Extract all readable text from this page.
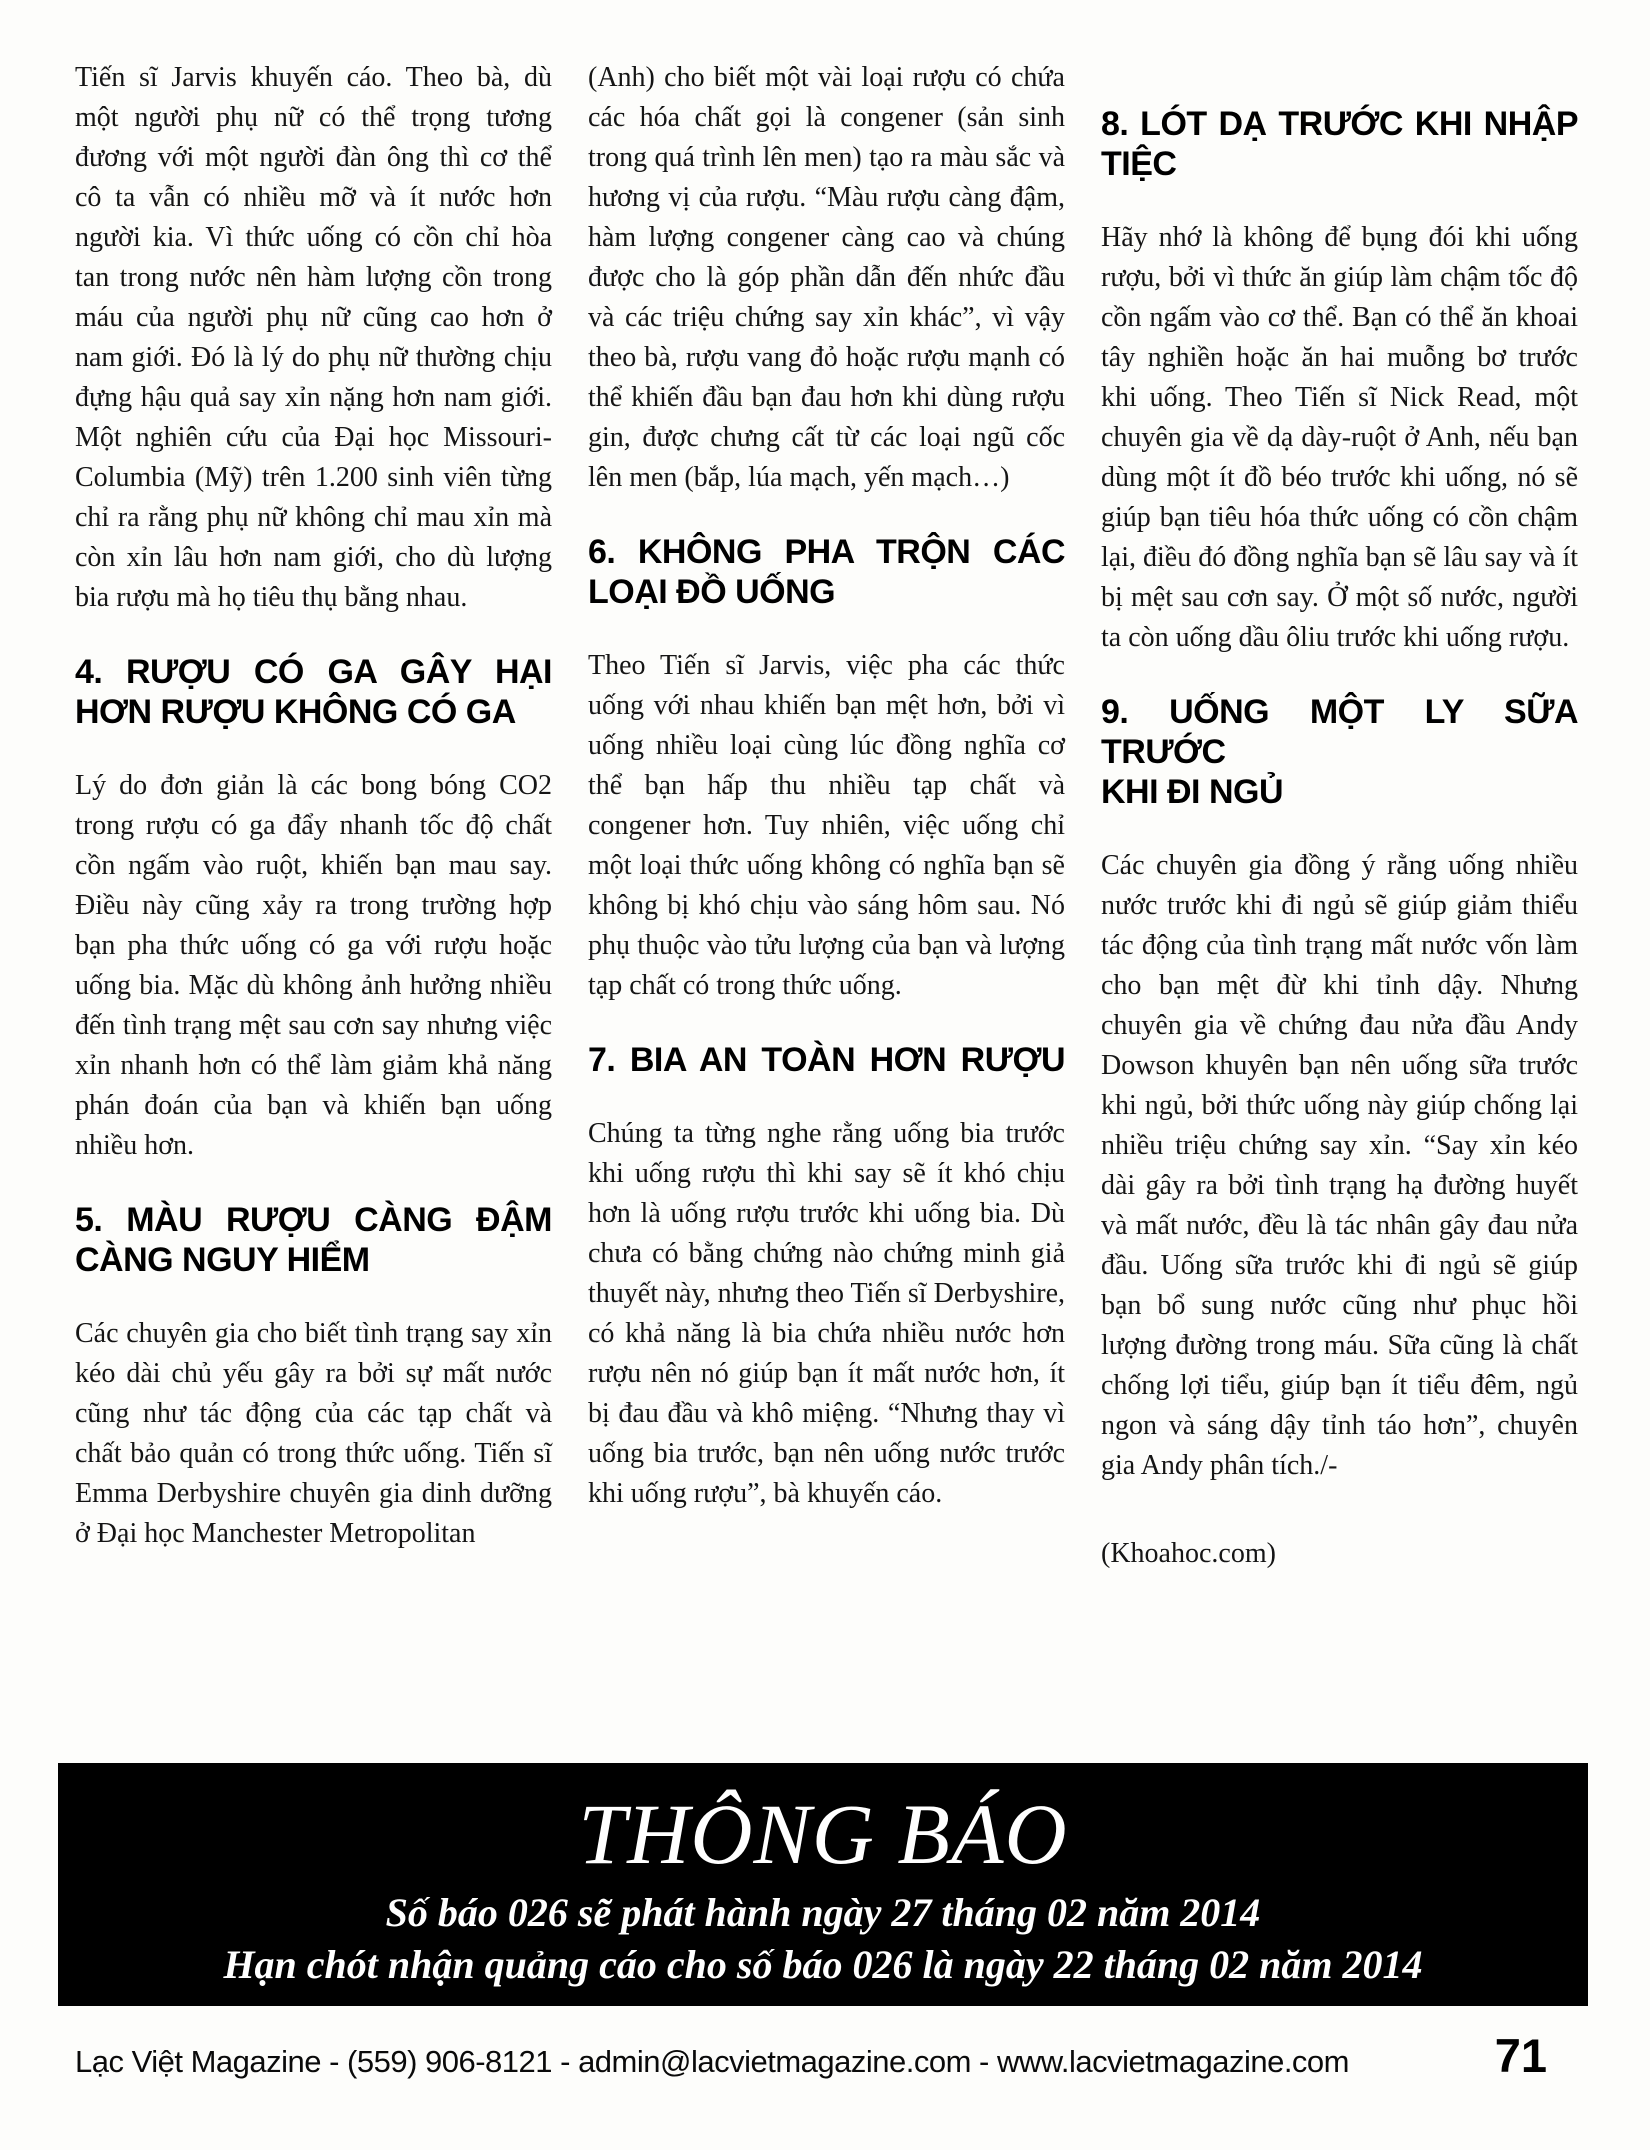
Tiến sĩ Jarvis khuyến cáo. Theo bà, dù một người phụ nữ có thể trọng tương đương với một người đàn ông thì cơ thể cô ta vẫn có nhiều mỡ và ít nước hơn người kia. Vì thức uống có cồn chỉ hòa tan trong nước nên hàm lượng cồn trong máu của người phụ nữ cũng cao hơn ở nam giới. Đó là lý do phụ nữ thường chịu đựng hậu quả say xỉn nặng hơn nam giới. Một nghiên cứu của Đại học Missouri-Columbia (Mỹ) trên 1.200 sinh viên từng chỉ ra rằng phụ nữ không chỉ mau xỉn mà còn xỉn lâu hơn nam giới, cho dù lượng bia rượu mà họ tiêu thụ bằng nhau.

4. RƯỢU CÓ GA GÂY HẠI
HƠN RƯỢU KHÔNG CÓ GA

Lý do đơn giản là các bong bóng CO2 trong rượu có ga đẩy nhanh tốc độ chất cồn ngấm vào ruột, khiến bạn mau say. Điều này cũng xảy ra trong trường hợp bạn pha thức uống có ga với rượu hoặc uống bia. Mặc dù không ảnh hưởng nhiều đến tình trạng mệt sau cơn say nhưng việc xỉn nhanh hơn có thể làm giảm khả năng phán đoán của bạn và khiến bạn uống nhiều hơn.

5. MÀU RƯỢU CÀNG ĐẬM
CÀNG NGUY HIỂM

Các chuyên gia cho biết tình trạng say xỉn kéo dài chủ yếu gây ra bởi sự mất nước cũng như tác động của các tạp chất và chất bảo quản có trong thức uống. Tiến sĩ Emma Derbyshire chuyên gia dinh dưỡng ở Đại học Manchester Metropolitan

(Anh) cho biết một vài loại rượu có chứa các hóa chất gọi là congener (sản sinh trong quá trình lên men) tạo ra màu sắc và hương vị của rượu. “Màu rượu càng đậm, hàm lượng congener càng cao và chúng được cho là góp phần dẫn đến nhức đầu và các triệu chứng say xỉn khác”, vì vậy theo bà, rượu vang đỏ hoặc rượu mạnh có thể khiến đầu bạn đau hơn khi dùng rượu gin, được chưng cất từ các loại ngũ cốc lên men (bắp, lúa mạch, yến mạch…)

6. KHÔNG PHA TRỘN CÁC
LOẠI ĐỒ UỐNG

Theo Tiến sĩ Jarvis, việc pha các thức uống với nhau khiến bạn mệt hơn, bởi vì uống nhiều loại cùng lúc đồng nghĩa cơ thể bạn hấp thu nhiều tạp chất và congener hơn. Tuy nhiên, việc uống chỉ một loại thức uống không có nghĩa bạn sẽ không bị khó chịu vào sáng hôm sau. Nó phụ thuộc vào tửu lượng của bạn và lượng tạp chất có trong thức uống.

7. BIA AN TOÀN HƠN RƯỢU

Chúng ta từng nghe rằng uống bia trước khi uống rượu thì khi say sẽ ít khó chịu hơn là uống rượu trước khi uống bia. Dù chưa có bằng chứng nào chứng minh giả thuyết này, nhưng theo Tiến sĩ Derbyshire, có khả năng là bia chứa nhiều nước hơn rượu nên nó giúp bạn ít mất nước hơn, ít bị đau đầu và khô miệng. “Nhưng thay vì uống bia trước, bạn nên uống nước trước khi uống rượu”, bà khuyến cáo.

8. LÓT DẠ TRƯỚC KHI NHẬP
TIỆC

Hãy nhớ là không để bụng đói khi uống rượu, bởi vì thức ăn giúp làm chậm tốc độ cồn ngấm vào cơ thể. Bạn có thể ăn khoai tây nghiền hoặc ăn hai muỗng bơ trước khi uống. Theo Tiến sĩ Nick Read, một chuyên gia về dạ dày-ruột ở Anh, nếu bạn dùng một ít đồ béo trước khi uống, nó sẽ giúp bạn tiêu hóa thức uống có cồn chậm lại, điều đó đồng nghĩa bạn sẽ lâu say và ít bị mệt sau cơn say. Ở một số nước, người ta còn uống dầu ôliu trước khi uống rượu.

9. UỐNG MỘT LY SỮA TRƯỚC
KHI ĐI NGỦ

Các chuyên gia đồng ý rằng uống nhiều nước trước khi đi ngủ sẽ giúp giảm thiểu tác động của tình trạng mất nước vốn làm cho bạn mệt đừ khi tỉnh dậy. Nhưng chuyên gia về chứng đau nửa đầu Andy Dowson khuyên bạn nên uống sữa trước khi ngủ, bởi thức uống này giúp chống lại nhiều triệu chứng say xỉn. “Say xỉn kéo dài gây ra bởi tình trạng hạ đường huyết và mất nước, đều là tác nhân gây đau nửa đầu. Uống sữa trước khi đi ngủ sẽ giúp bạn bổ sung nước cũng như phục hồi lượng đường trong máu. Sữa cũng là chất chống lợi tiểu, giúp bạn ít tiểu đêm, ngủ ngon và sáng dậy tỉnh táo hơn”, chuyên gia Andy phân tích./-

(Khoahoc.com)

THÔNG BÁO
Số báo 026 sẽ phát hành ngày 27 tháng 02 năm 2014
Hạn chót nhận quảng cáo cho số báo 026 là ngày 22 tháng 02 năm 2014
Lạc Việt Magazine - (559) 906-8121 - admin@lacvietmagazine.com - www.lacvietmagazine.com	71
